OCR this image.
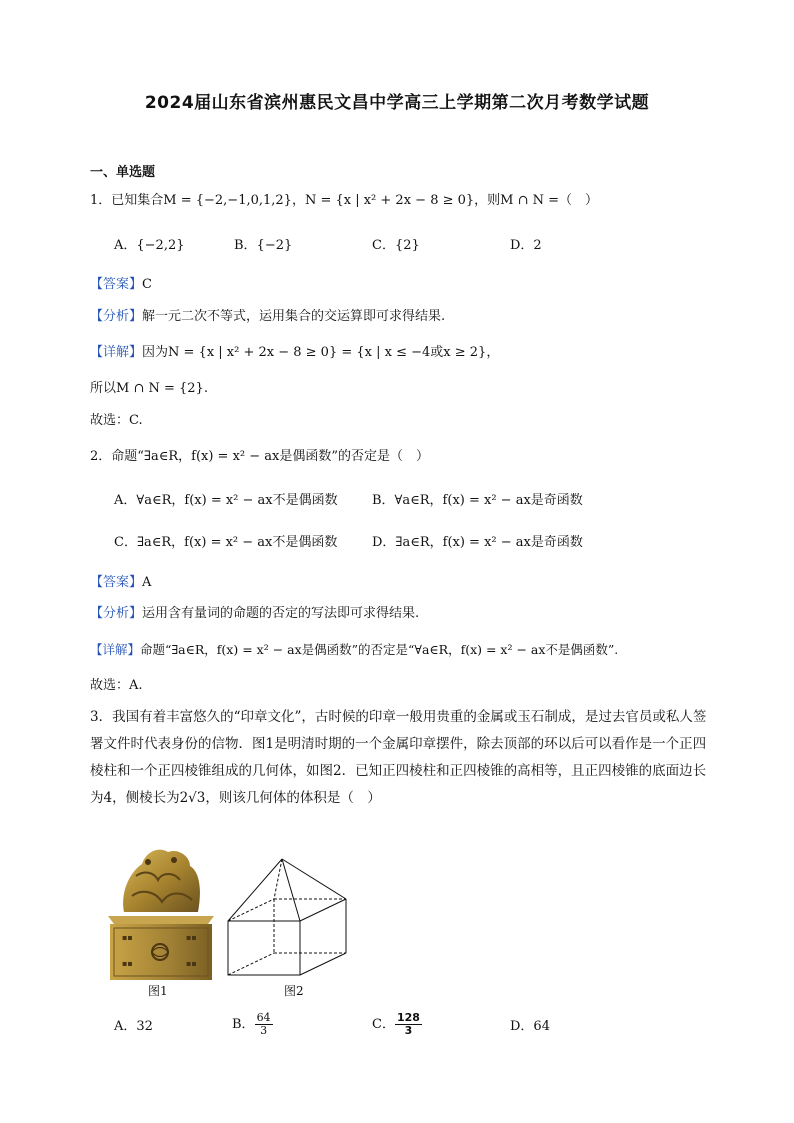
2024届山东省滨州惠民文昌中学高三上学期第二次月考数学试题
一、单选题
1．已知集合M = {−2,−1,0,1,2}，N = {x | x² + 2x − 8 ≥ 0}，则M ∩ N =（　）
A．{−2,2}	B．{−2}	C．{2}	D．2
【答案】C
【分析】解一元二次不等式，运用集合的交运算即可求得结果.
【详解】因为N = {x | x² + 2x − 8 ≥ 0} = {x | x ≤ −4或x ≥ 2}，
所以M ∩ N = {2}.
故选：C.
2．命题“∃a∈R，f(x) = x² − ax是偶函数”的否定是（　）
A．∀a∈R，f(x) = x² − ax不是偶函数	B．∀a∈R，f(x) = x² − ax是奇函数
C．∃a∈R，f(x) = x² − ax不是偶函数	D．∃a∈R，f(x) = x² − ax是奇函数
【答案】A
【分析】运用含有量词的命题的否定的写法即可求得结果.
【详解】命题“∃a∈R，f(x) = x² − ax是偶函数”的否定是“∀a∈R，f(x) = x² − ax不是偶函数”.
故选：A.
3．我国有着丰富悠久的“印章文化”，古时候的印章一般用贵重的金属或玉石制成，是过去官员或私人签署文件时代表身份的信物．图1是明清时期的一个金属印章摆件，除去顶部的环以后可以看作是一个正四棱柱和一个正四棱锥组成的几何体，如图2．已知正四棱柱和正四棱锥的高相等，且正四棱锥的底面边长为4，侧棱长为2√3，则该几何体的体积是（　）
▪▪	▪▪
▪▪	▪▪
图1	图2
A．32	B． $\frac{64}{3}$	C． $\frac{128}{3}$	D．64
